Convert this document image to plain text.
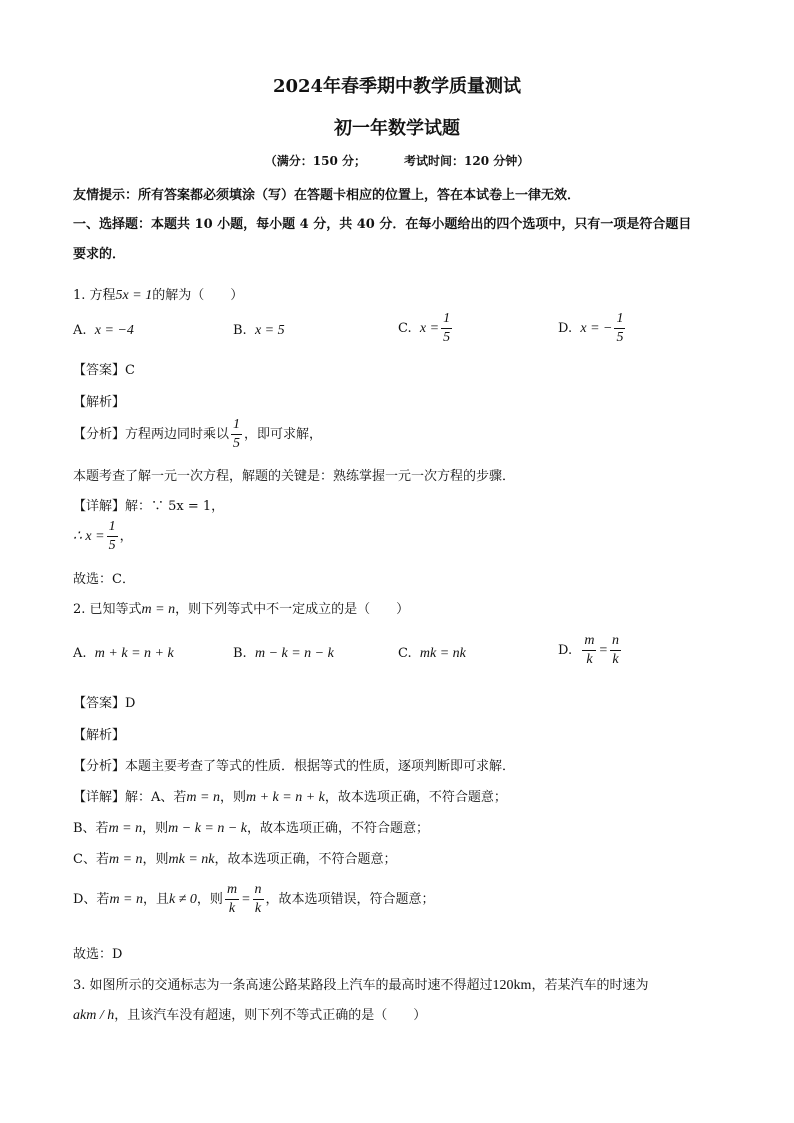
2024年春季期中教学质量测试
初一年数学试题
（满分：150 分；	考试时间：120 分钟）
友情提示：所有答案都必须填涂（写）在答题卡相应的位置上，答在本试卷上一律无效．
一、选择题：本题共 10 小题，每小题 4 分，共 40 分．在每小题给出的四个选项中，只有一项是符合题目
要求的．
1. 方程5x = 1的解为（　　）
A. x = −4	B. x = 5	C. $x = \frac{1}{5}$	D. x = − $\frac{1}{5}$
【答案】C
【解析】
【分析】方程两边同时乘以 $\frac{1}{5}$ ，即可求解，
本题考查了解一元一次方程，解题的关键是：熟练掌握一元一次方程的步骤．
【详解】解：∵ 5x = 1，
∴ $x = \frac{1}{5}$ ，
故选：C．
2. 已知等式m = n，则下列等式中不一定成立的是（　　）
A. m + k = n + k	B. m − k = n − k	C. mk = nk	D. $\frac{m}{k} = \frac{n}{k}$
【答案】D
【解析】
【分析】本题主要考查了等式的性质．根据等式的性质，逐项判断即可求解．
【详解】解：A、若m = n，则m + k = n + k，故本选项正确，不符合题意；
B、若m = n，则m − k = n − k，故本选项正确，不符合题意；
C、若m = n，则mk = nk，故本选项正确，不符合题意；
D、若m = n，且k ≠ 0，则 $\frac{m}{k} = \frac{n}{k}$ ，故本选项错误，符合题意；
故选：D
3. 如图所示的交通标志为一条高速公路某路段上汽车的最高时速不得超过120km，若某汽车的时速为
akm / h，且该汽车没有超速，则下列不等式正确的是（　　）
